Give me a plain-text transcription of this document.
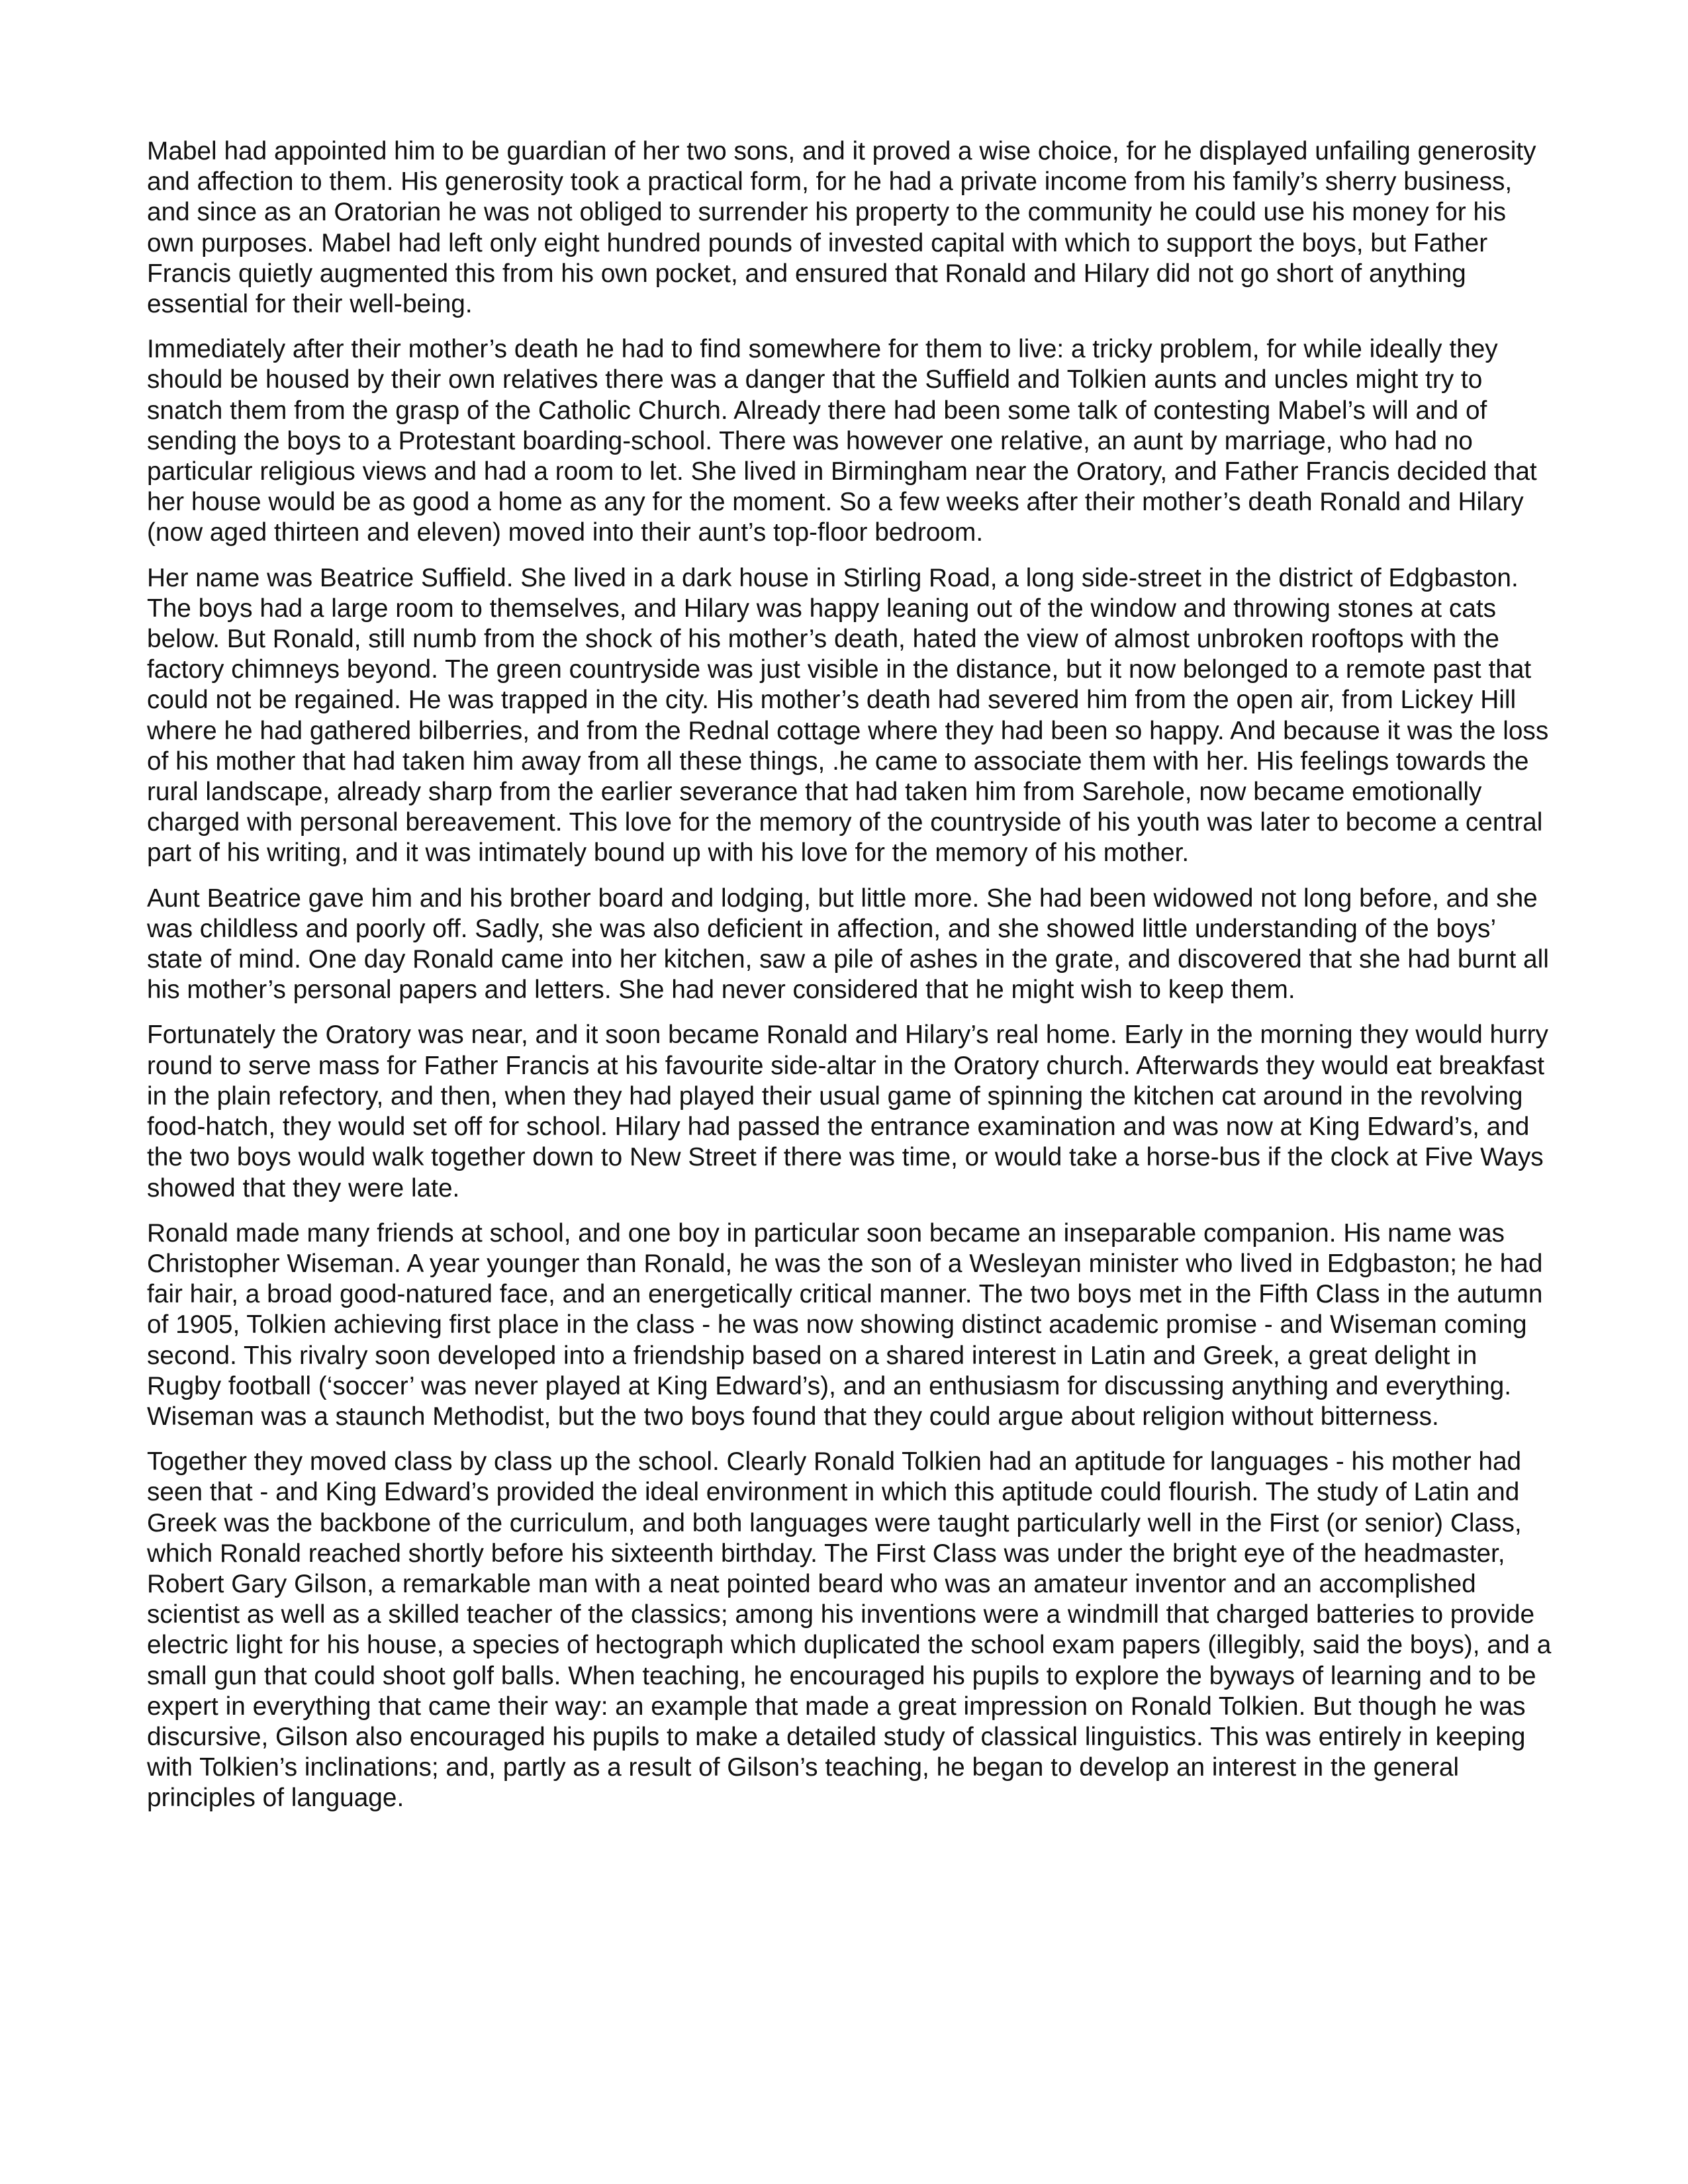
Mabel had appointed him to be guardian of her two sons, and it proved a wise choice, for he displayed unfailing generosity and affection to them. His generosity took a practical form, for he had a private income from his family’s sherry business, and since as an Oratorian he was not obliged to surrender his property to the community he could use his money for his own purposes. Mabel had left only eight hundred pounds of invested capital with which to support the boys, but Father Francis quietly augmented this from his own pocket, and ensured that Ronald and Hilary did not go short of anything essential for their well-being.

Immediately after their mother’s death he had to find somewhere for them to live: a tricky problem, for while ideally they should be housed by their own relatives there was a danger that the Suffield and Tolkien aunts and uncles might try to snatch them from the grasp of the Catholic Church. Already there had been some talk of contesting Mabel’s will and of sending the boys to a Protestant boarding-school. There was however one relative, an aunt by marriage, who had no particular religious views and had a room to let. She lived in Birmingham near the Oratory, and Father Francis decided that her house would be as good a home as any for the moment. So a few weeks after their mother’s death Ronald and Hilary (now aged thirteen and eleven) moved into their aunt’s top-floor bedroom.

Her name was Beatrice Suffield. She lived in a dark house in Stirling Road, a long side-street in the district of Edgbaston. The boys had a large room to themselves, and Hilary was happy leaning out of the window and throwing stones at cats below. But Ronald, still numb from the shock of his mother’s death, hated the view of almost unbroken rooftops with the factory chimneys beyond. The green countryside was just visible in the distance, but it now belonged to a remote past that could not be regained. He was trapped in the city. His mother’s death had severed him from the open air, from Lickey Hill where he had gathered bilberries, and from the Rednal cottage where they had been so happy. And because it was the loss of his mother that had taken him away from all these things, .he came to associate them with her. His feelings towards the rural landscape, already sharp from the earlier severance that had taken him from Sarehole, now became emotionally charged with personal bereavement. This love for the memory of the countryside of his youth was later to become a central part of his writing, and it was intimately bound up with his love for the memory of his mother.

Aunt Beatrice gave him and his brother board and lodging, but little more. She had been widowed not long before, and she was childless and poorly off. Sadly, she was also deficient in affection, and she showed little understanding of the boys’ state of mind. One day Ronald came into her kitchen, saw a pile of ashes in the grate, and discovered that she had burnt all his mother’s personal papers and letters. She had never considered that he might wish to keep them.

Fortunately the Oratory was near, and it soon became Ronald and Hilary’s real home. Early in the morning they would hurry round to serve mass for Father Francis at his favourite side-altar in the Oratory church. Afterwards they would eat breakfast in the plain refectory, and then, when they had played their usual game of spinning the kitchen cat around in the revolving food-hatch, they would set off for school. Hilary had passed the entrance examination and was now at King Edward’s, and the two boys would walk together down to New Street if there was time, or would take a horse-bus if the clock at Five Ways showed that they were late.

Ronald made many friends at school, and one boy in particular soon became an inseparable companion. His name was Christopher Wiseman. A year younger than Ronald, he was the son of a Wesleyan minister who lived in Edgbaston; he had fair hair, a broad good-natured face, and an energetically critical manner. The two boys met in the Fifth Class in the autumn of 1905, Tolkien achieving first place in the class - he was now showing distinct academic promise - and Wiseman coming second. This rivalry soon developed into a friendship based on a shared interest in Latin and Greek, a great delight in Rugby football (‘soccer’ was never played at King Edward’s), and an enthusiasm for discussing anything and everything. Wiseman was a staunch Methodist, but the two boys found that they could argue about religion without bitterness.

Together they moved class by class up the school. Clearly Ronald Tolkien had an aptitude for languages - his mother had seen that - and King Edward’s provided the ideal environment in which this aptitude could flourish. The study of Latin and Greek was the backbone of the curriculum, and both languages were taught particularly well in the First (or senior) Class, which Ronald reached shortly before his sixteenth birthday. The First Class was under the bright eye of the headmaster, Robert Gary Gilson, a remarkable man with a neat pointed beard who was an amateur inventor and an accomplished scientist as well as a skilled teacher of the classics; among his inventions were a windmill that charged batteries to provide electric light for his house, a species of hectograph which duplicated the school exam papers (illegibly, said the boys), and a small gun that could shoot golf balls. When teaching, he encouraged his pupils to explore the byways of learning and to be expert in everything that came their way: an example that made a great impression on Ronald Tolkien. But though he was discursive, Gilson also encouraged his pupils to make a detailed study of classical linguistics. This was entirely in keeping with Tolkien’s inclinations; and, partly as a result of Gilson’s teaching, he began to develop an interest in the general principles of language.
